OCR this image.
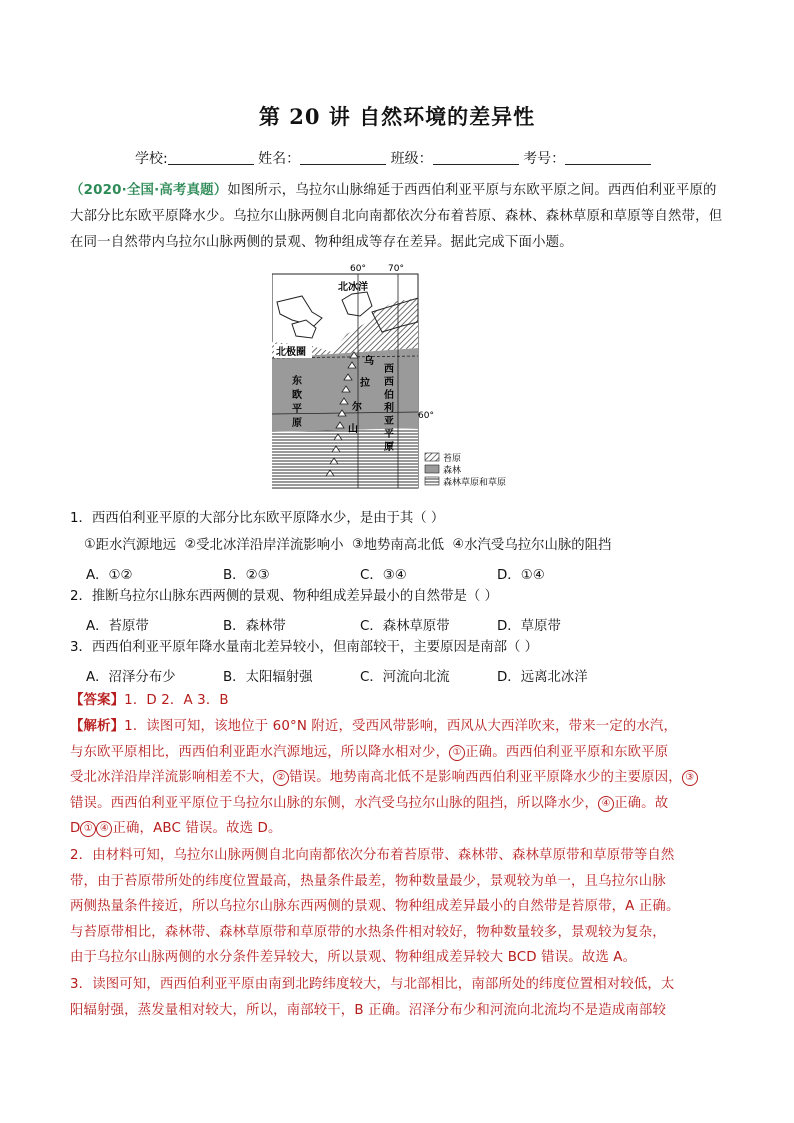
第 20 讲 自然环境的差异性
学校:	姓名：	班级：	考号：
（2020·全国·高考真题）如图所示，乌拉尔山脉绵延于西西伯利亚平原与东欧平原之间。西西伯利亚平原的大部分比东欧平原降水少。乌拉尔山脉两侧自北向南都依次分布着苔原、森林、森林草原和草原等自然带，但在同一自然带内乌拉尔山脉两侧的景观、物种组成等存在差异。据此完成下面小题。
60° 70°
北冰洋
北极圈
东
欧
平
原
乌
拉
尔
山
西
西
伯
利
亚
平
原
60°
苔原
森林
森林草原和草原
1．西西伯利亚平原的大部分比东欧平原降水少，是由于其（ ）
①距水汽源地远 ②受北冰洋沿岸洋流影响小 ③地势南高北低 ④水汽受乌拉尔山脉的阻挡
A．①②	B．②③	C．③④	D．①④
2．推断乌拉尔山脉东西两侧的景观、物种组成差异最小的自然带是（ ）
A．苔原带	B．森林带	C．森林草原带	D．草原带
3．西西伯利亚平原年降水量南北差异较小，但南部较干，主要原因是南部（ ）
A．沼泽分布少	B．太阳辐射强	C．河流向北流	D．远离北冰洋
【答案】1．D 2．A 3．B
【解析】1．读图可知，该地位于 60°N 附近，受西风带影响，西风从大西洋吹来，带来一定的水汽，
与东欧平原相比，西西伯利亚距水汽源地远，所以降水相对少， ① 正确。西西伯利亚平原和东欧平原
受北冰洋沿岸洋流影响相差不大， ② 错误。地势南高北低不是影响西西伯利亚平原降水少的主要原因， ③
错误。西西伯利亚平原位于乌拉尔山脉的东侧，水汽受乌拉尔山脉的阻挡，所以降水少， ④ 正确。故
D ① ④ 正确，ABC 错误。故选 D。
2．由材料可知，乌拉尔山脉两侧自北向南都依次分布着苔原带、森林带、森林草原带和草原带等自然
带，由于苔原带所处的纬度位置最高，热量条件最差，物种数量最少，景观较为单一，且乌拉尔山脉
两侧热量条件接近，所以乌拉尔山脉东西两侧的景观、物种组成差异最小的自然带是苔原带，A 正确。
与苔原带相比，森林带、森林草原带和草原带的水热条件相对较好，物种数量较多，景观较为复杂，
由于乌拉尔山脉两侧的水分条件差异较大，所以景观、物种组成差异较大 BCD 错误。故选 A。
3．读图可知，西西伯利亚平原由南到北跨纬度较大，与北部相比，南部所处的纬度位置相对较低，太
阳辐射强，蒸发量相对较大，所以，南部较干，B 正确。沼泽分布少和河流向北流均不是造成南部较
